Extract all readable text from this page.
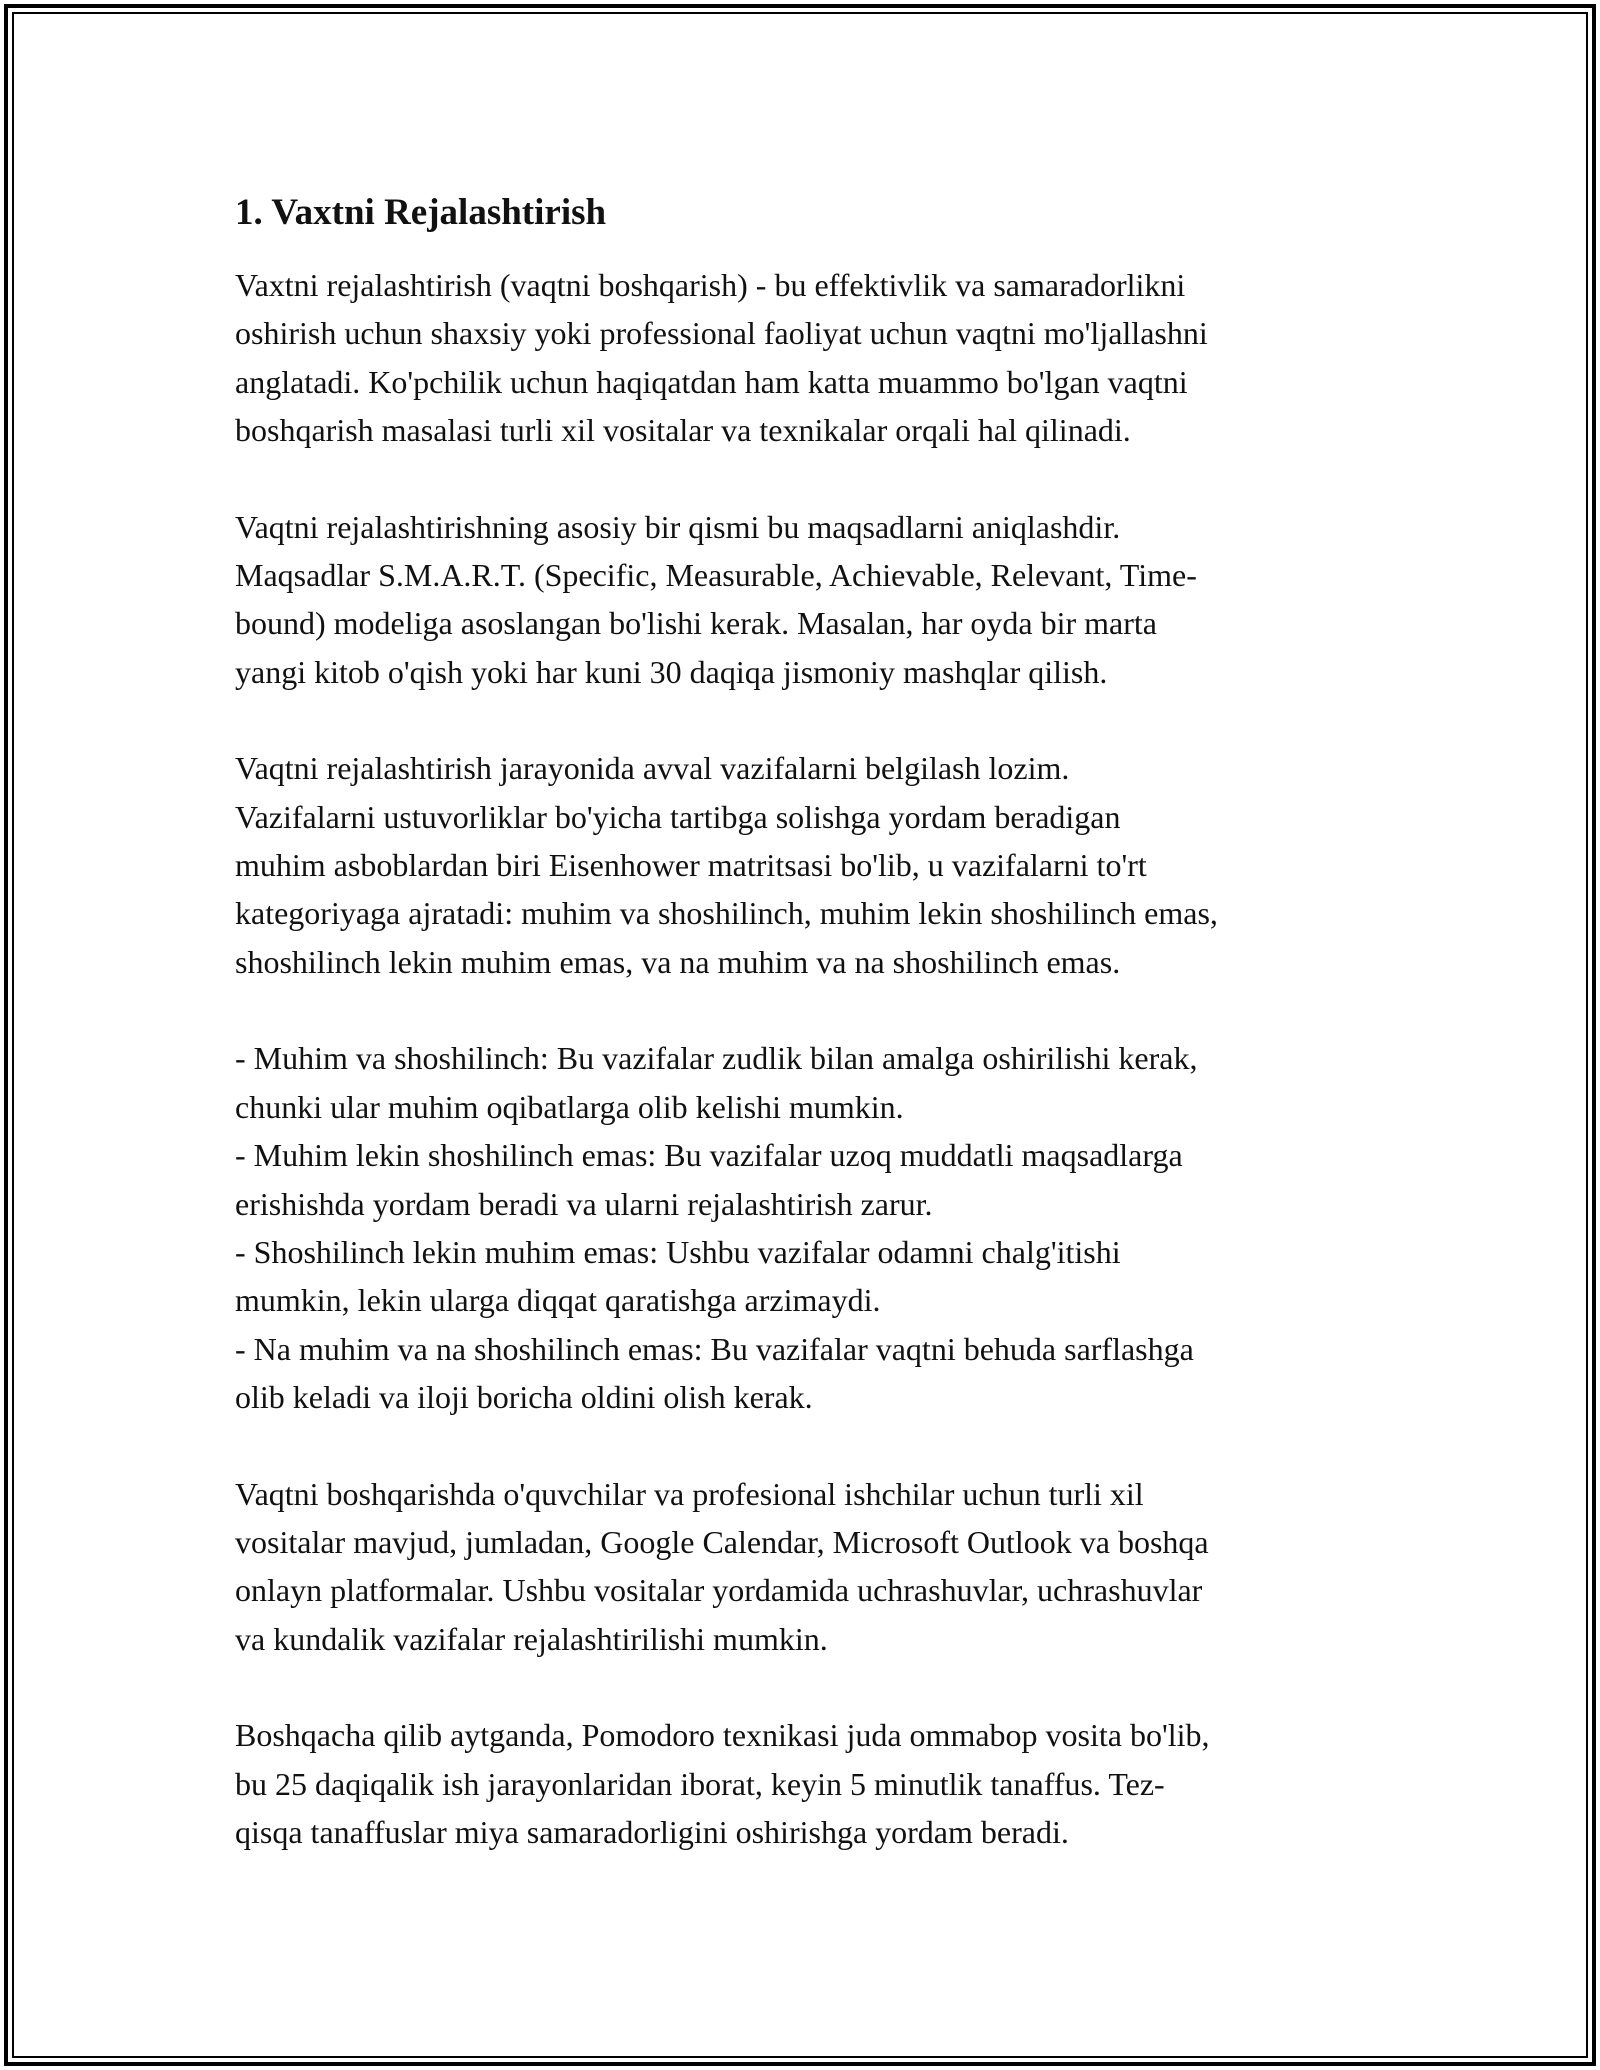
1. Vaxtni Rejalashtirish

Vaxtni rejalashtirish (vaqtni boshqarish) - bu effektivlik va samaradorlikni
oshirish uchun shaxsiy yoki professional faoliyat uchun vaqtni mo'ljallashni
anglatadi. Ko'pchilik uchun haqiqatdan ham katta muammo bo'lgan vaqtni
boshqarish masalasi turli xil vositalar va texnikalar orqali hal qilinadi.

Vaqtni rejalashtirishning asosiy bir qismi bu maqsadlarni aniqlashdir.
Maqsadlar S.M.A.R.T. (Specific, Measurable, Achievable, Relevant, Time-
bound) modeliga asoslangan bo'lishi kerak. Masalan, har oyda bir marta
yangi kitob o'qish yoki har kuni 30 daqiqa jismoniy mashqlar qilish.

Vaqtni rejalashtirish jarayonida avval vazifalarni belgilash lozim.
Vazifalarni ustuvorliklar bo'yicha tartibga solishga yordam beradigan
muhim asboblardan biri Eisenhower matritsasi bo'lib, u vazifalarni to'rt
kategoriyaga ajratadi: muhim va shoshilinch, muhim lekin shoshilinch emas,
shoshilinch lekin muhim emas, va na muhim va na shoshilinch emas.

- Muhim va shoshilinch: Bu vazifalar zudlik bilan amalga oshirilishi kerak,
chunki ular muhim oqibatlarga olib kelishi mumkin.

- Muhim lekin shoshilinch emas: Bu vazifalar uzoq muddatli maqsadlarga
erishishda yordam beradi va ularni rejalashtirish zarur.

- Shoshilinch lekin muhim emas: Ushbu vazifalar odamni chalg'itishi
mumkin, lekin ularga diqqat qaratishga arzimaydi.

- Na muhim va na shoshilinch emas: Bu vazifalar vaqtni behuda sarflashga
olib keladi va iloji boricha oldini olish kerak.

Vaqtni boshqarishda o'quvchilar va profesional ishchilar uchun turli xil
vositalar mavjud, jumladan, Google Calendar, Microsoft Outlook va boshqa
onlayn platformalar. Ushbu vositalar yordamida uchrashuvlar, uchrashuvlar
va kundalik vazifalar rejalashtirilishi mumkin.

Boshqacha qilib aytganda, Pomodoro texnikasi juda ommabop vosita bo'lib,
bu 25 daqiqalik ish jarayonlaridan iborat, keyin 5 minutlik tanaffus. Tez-
qisqa tanaffuslar miya samaradorligini oshirishga yordam beradi.
